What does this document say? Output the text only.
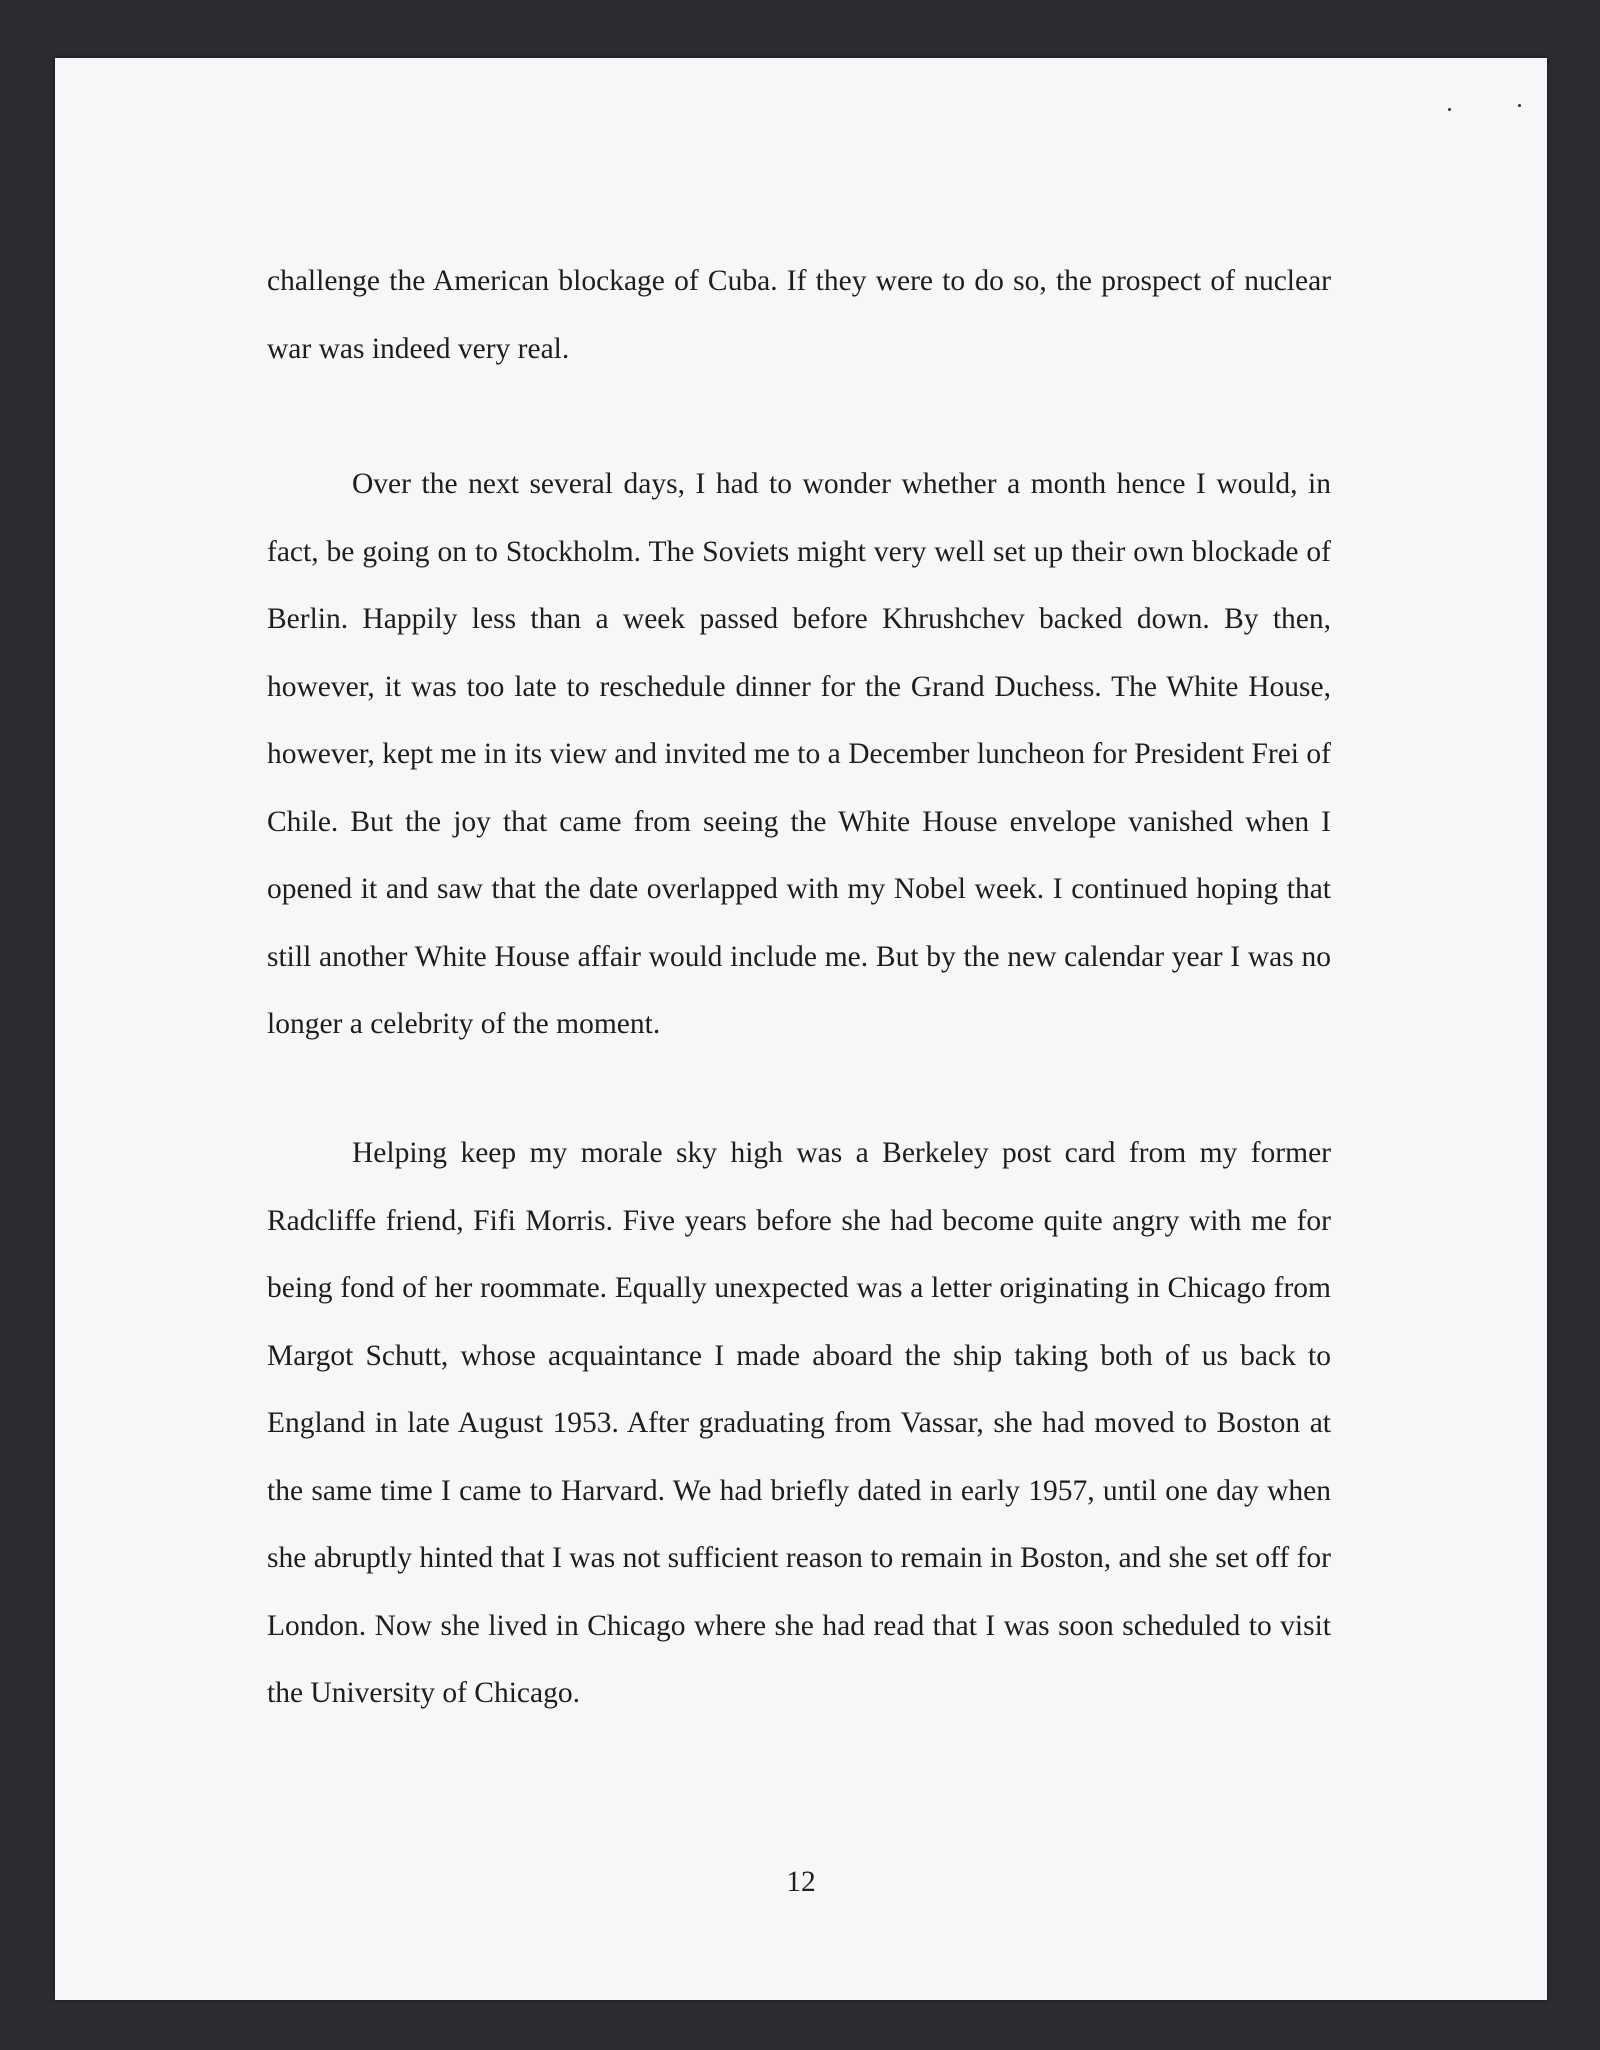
challenge the American blockage of Cuba. If they were to do so, the prospect of nuclear war was indeed very real.

Over the next several days, I had to wonder whether a month hence I would, in fact, be going on to Stockholm. The Soviets might very well set up their own blockade of Berlin. Happily less than a week passed before Khrushchev backed down. By then, however, it was too late to reschedule dinner for the Grand Duchess. The White House, however, kept me in its view and invited me to a December luncheon for President Frei of Chile. But the joy that came from seeing the White House envelope vanished when I opened it and saw that the date overlapped with my Nobel week. I continued hoping that still another White House affair would include me. But by the new calendar year I was no longer a celebrity of the moment.

Helping keep my morale sky high was a Berkeley post card from my former Radcliffe friend, Fifi Morris. Five years before she had become quite angry with me for being fond of her roommate. Equally unexpected was a letter originating in Chicago from Margot Schutt, whose acquaintance I made aboard the ship taking both of us back to England in late August 1953. After graduating from Vassar, she had moved to Boston at the same time I came to Harvard. We had briefly dated in early 1957, until one day when she abruptly hinted that I was not sufficient reason to remain in Boston, and she set off for London. Now she lived in Chicago where she had read that I was soon scheduled to visit the University of Chicago.

12
